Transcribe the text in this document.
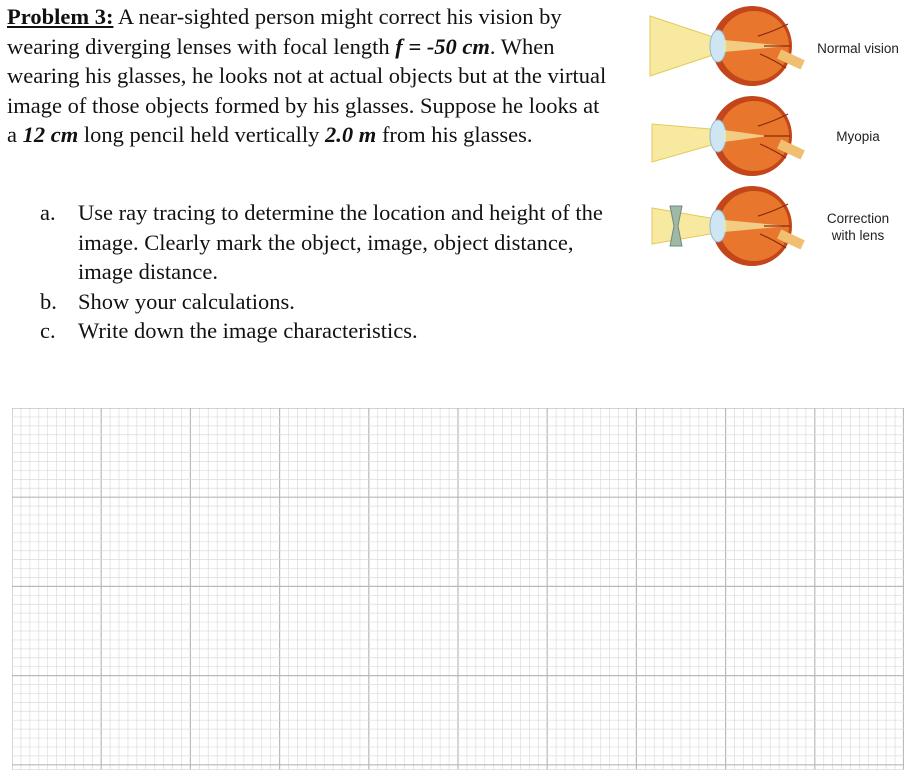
Problem 3: A near-sighted person might correct his vision by wearing diverging lenses with focal length f = -50 cm. When wearing his glasses, he looks not at actual objects but at the virtual image of those objects formed by his glasses. Suppose he looks at a 12 cm long pencil held vertically 2.0 m from his glasses.
a. Use ray tracing to determine the location and height of the image. Clearly mark the object, image, object distance, image distance.
b. Show your calculations.
c. Write down the image characteristics.
Normal vision
Myopia
Correction
with lens
